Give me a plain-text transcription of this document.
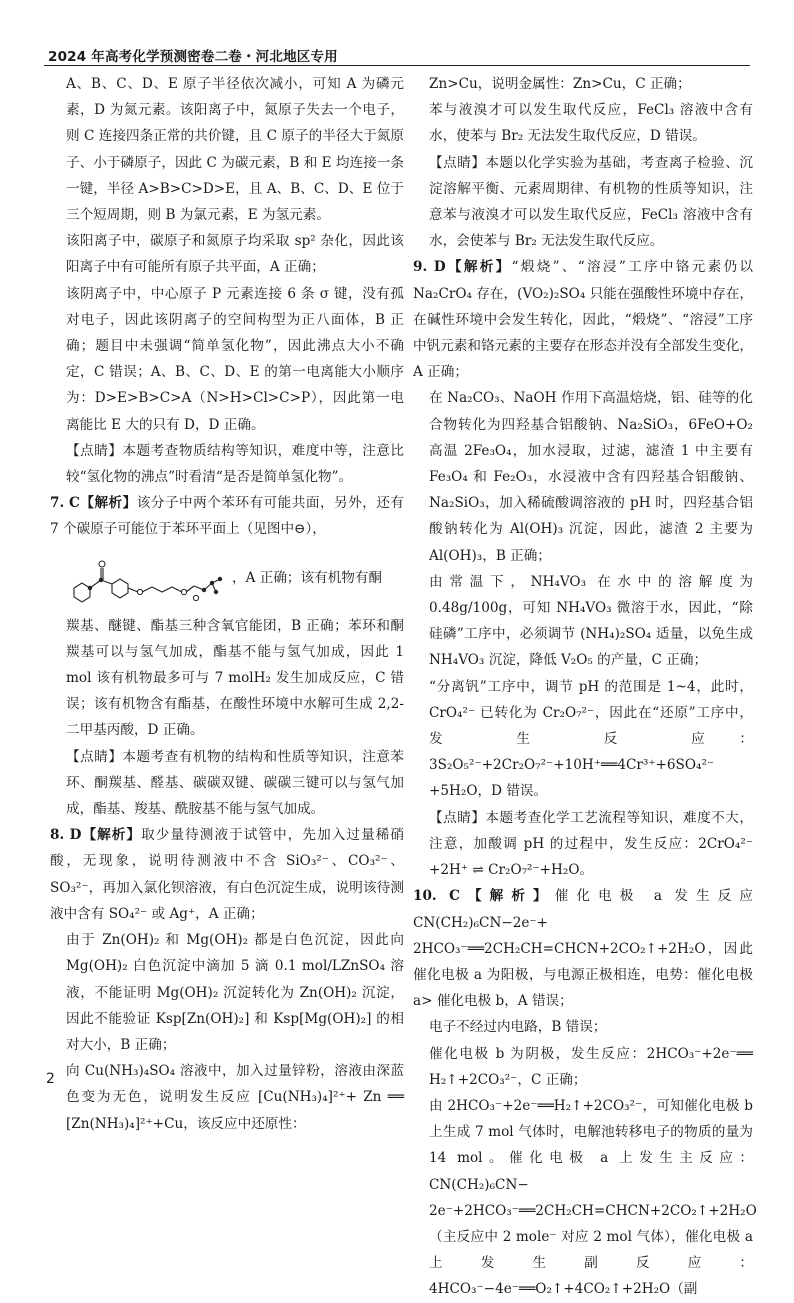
2024 年高考化学预测密卷二卷・河北地区专用

A、B、C、D、E 原子半径依次减小，可知 A 为磷元素，D 为氮元素。该阳离子中，氮原子失去一个电子，则 C 连接四条正常的共价键，且 C 原子的半径大于氮原子、小于磷原子，因此 C 为碳元素，B 和 E 均连接一条一键，半径 A>B>C>D>E，且 A、B、C、D、E 位于三个短周期，则 B 为氯元素，E 为氢元素。

该阳离子中，碳原子和氮原子均采取 sp² 杂化，因此该阳离子中有可能所有原子共平面，A 正确；

该阴离子中，中心原子 P 元素连接 6 条 σ 键，没有孤对电子，因此该阴离子的空间构型为正八面体，B 正确；题目中未强调“简单氢化物”，因此沸点大小不确定，C 错误；A、B、C、D、E 的第一电离能大小顺序为：D>E>B>C>A（N>H>Cl>C>P），因此第一电离能比 E 大的只有 D，D 正确。

【点睛】本题考查物质结构等知识，难度中等，注意比较“氢化物的沸点”时看清“是否是简单氢化物”。

7. C【解析】该分子中两个苯环有可能共面，另外，还有 7 个碳原子可能位于苯环平面上（见图中⊖），

，A 正确；该有机物有酮

羰基、醚键、酯基三种含氧官能团，B 正确；苯环和酮羰基可以与氢气加成，酯基不能与氢气加成，因此 1 mol 该有机物最多可与 7 molH₂ 发生加成反应，C 错误；该有机物含有酯基，在酸性环境中水解可生成 2,2- 二甲基丙酸，D 正确。

【点睛】本题考查有机物的结构和性质等知识，注意苯环、酮羰基、醛基、碳碳双键、碳碳三键可以与氢气加成，酯基、羧基、酰胺基不能与氢气加成。

8. D【解析】取少量待测液于试管中，先加入过量稀硝酸，无现象，说明待测液中不含 SiO₃²⁻、CO₃²⁻、SO₃²⁻，再加入氯化钡溶液，有白色沉淀生成，说明该待测液中含有 SO₄²⁻ 或 Ag⁺，A 正确；

由于 Zn(OH)₂ 和 Mg(OH)₂ 都是白色沉淀，因此向 Mg(OH)₂ 白色沉淀中滴加 5 滴 0.1 mol/LZnSO₄ 溶液，不能证明 Mg(OH)₂ 沉淀转化为 Zn(OH)₂ 沉淀，因此不能验证 Ksp[Zn(OH)₂] 和 Ksp[Mg(OH)₂] 的相对大小，B 正确；

向 Cu(NH₃)₄SO₄ 溶液中，加入过量锌粉，溶液由深蓝色变为无色，说明发生反应 [Cu(NH₃)₄]²⁺+ Zn ══ [Zn(NH₃)₄]²⁺+Cu，该反应中还原性：

Zn>Cu，说明金属性：Zn>Cu，C 正确；

苯与液溴才可以发生取代反应，FeCl₃ 溶液中含有水，使苯与 Br₂ 无法发生取代反应，D 错误。

【点睛】本题以化学实验为基础，考查离子检验、沉淀溶解平衡、元素周期律、有机物的性质等知识，注意苯与液溴才可以发生取代反应，FeCl₃ 溶液中含有水，会使苯与 Br₂ 无法发生取代反应。

9. D【解析】“煅烧”、“溶浸”工序中铬元素仍以 Na₂CrO₄ 存在，(VO₂)₂SO₄ 只能在强酸性环境中存在，在碱性环境中会发生转化，因此，“煅烧”、“溶浸”工序中钒元素和铬元素的主要存在形态并没有全部发生变化，A 正确；

在 Na₂CO₃、NaOH 作用下高温焙烧，铝、硅等的化合物转化为四羟基合铝酸钠、Na₂SiO₃，6FeO+O₂ 高温 2Fe₃O₄，加水浸取，过滤，滤渣 1 中主要有 Fe₃O₄ 和 Fe₂O₃，水浸液中含有四羟基合铝酸钠、Na₂SiO₃，加入稀硫酸调溶液的 pH 时，四羟基合铝酸钠转化为 Al(OH)₃ 沉淀，因此，滤渣 2 主要为 Al(OH)₃，B 正确；

由常温下，NH₄VO₃ 在水中的溶解度为 0.48g/100g，可知 NH₄VO₃ 微溶于水，因此，“除硅磷”工序中，必须调节 (NH₄)₂SO₄ 适量，以免生成 NH₄VO₃ 沉淀，降低 V₂O₅ 的产量，C 正确；

“分离钒”工序中，调节 pH 的范围是 1~4，此时，CrO₄²⁻ 已转化为 Cr₂O₇²⁻，因此在“还原”工序中，发 生 反 应：3S₂O₅²⁻+2Cr₂O₇²⁻+10H⁺══4Cr³⁺+6SO₄²⁻ +5H₂O，D 错误。

【点睛】本题考查化学工艺流程等知识，难度不大，注意，加酸调 pH 的过程中，发生反应：2CrO₄²⁻ +2H⁺ ⇌ Cr₂O₇²⁻+H₂O。

10. C【解析】催化电极 a 发生反应 CN(CH₂)₆CN−2e⁻+ 2HCO₃⁻══2CH₂CH=CHCN+2CO₂↑+2H₂O，因此催化电极 a 为阳极，与电源正极相连，电势：催化电极 a> 催化电极 b，A 错误；

电子不经过内电路，B 错误；

催化电极 b 为阴极，发生反应：2HCO₃⁻+2e⁻══ H₂↑+2CO₃²⁻，C 正确；

由 2HCO₃⁻+2e⁻══H₂↑+2CO₃²⁻，可知催化电极 b 上生成 7 mol 气体时，电解池转移电子的物质的量为 14 mol。催化电极 a 上发生主反应：CN(CH₂)₆CN− 2e⁻+2HCO₃⁻══2CH₂CH=CHCN+2CO₂↑+2H₂O（主反应中 2 mole⁻ 对应 2 mol 气体），催化电极 a 上发生副反应：4HCO₃⁻−4e⁻══O₂↑+4CO₂↑+2H₂O（副

2
